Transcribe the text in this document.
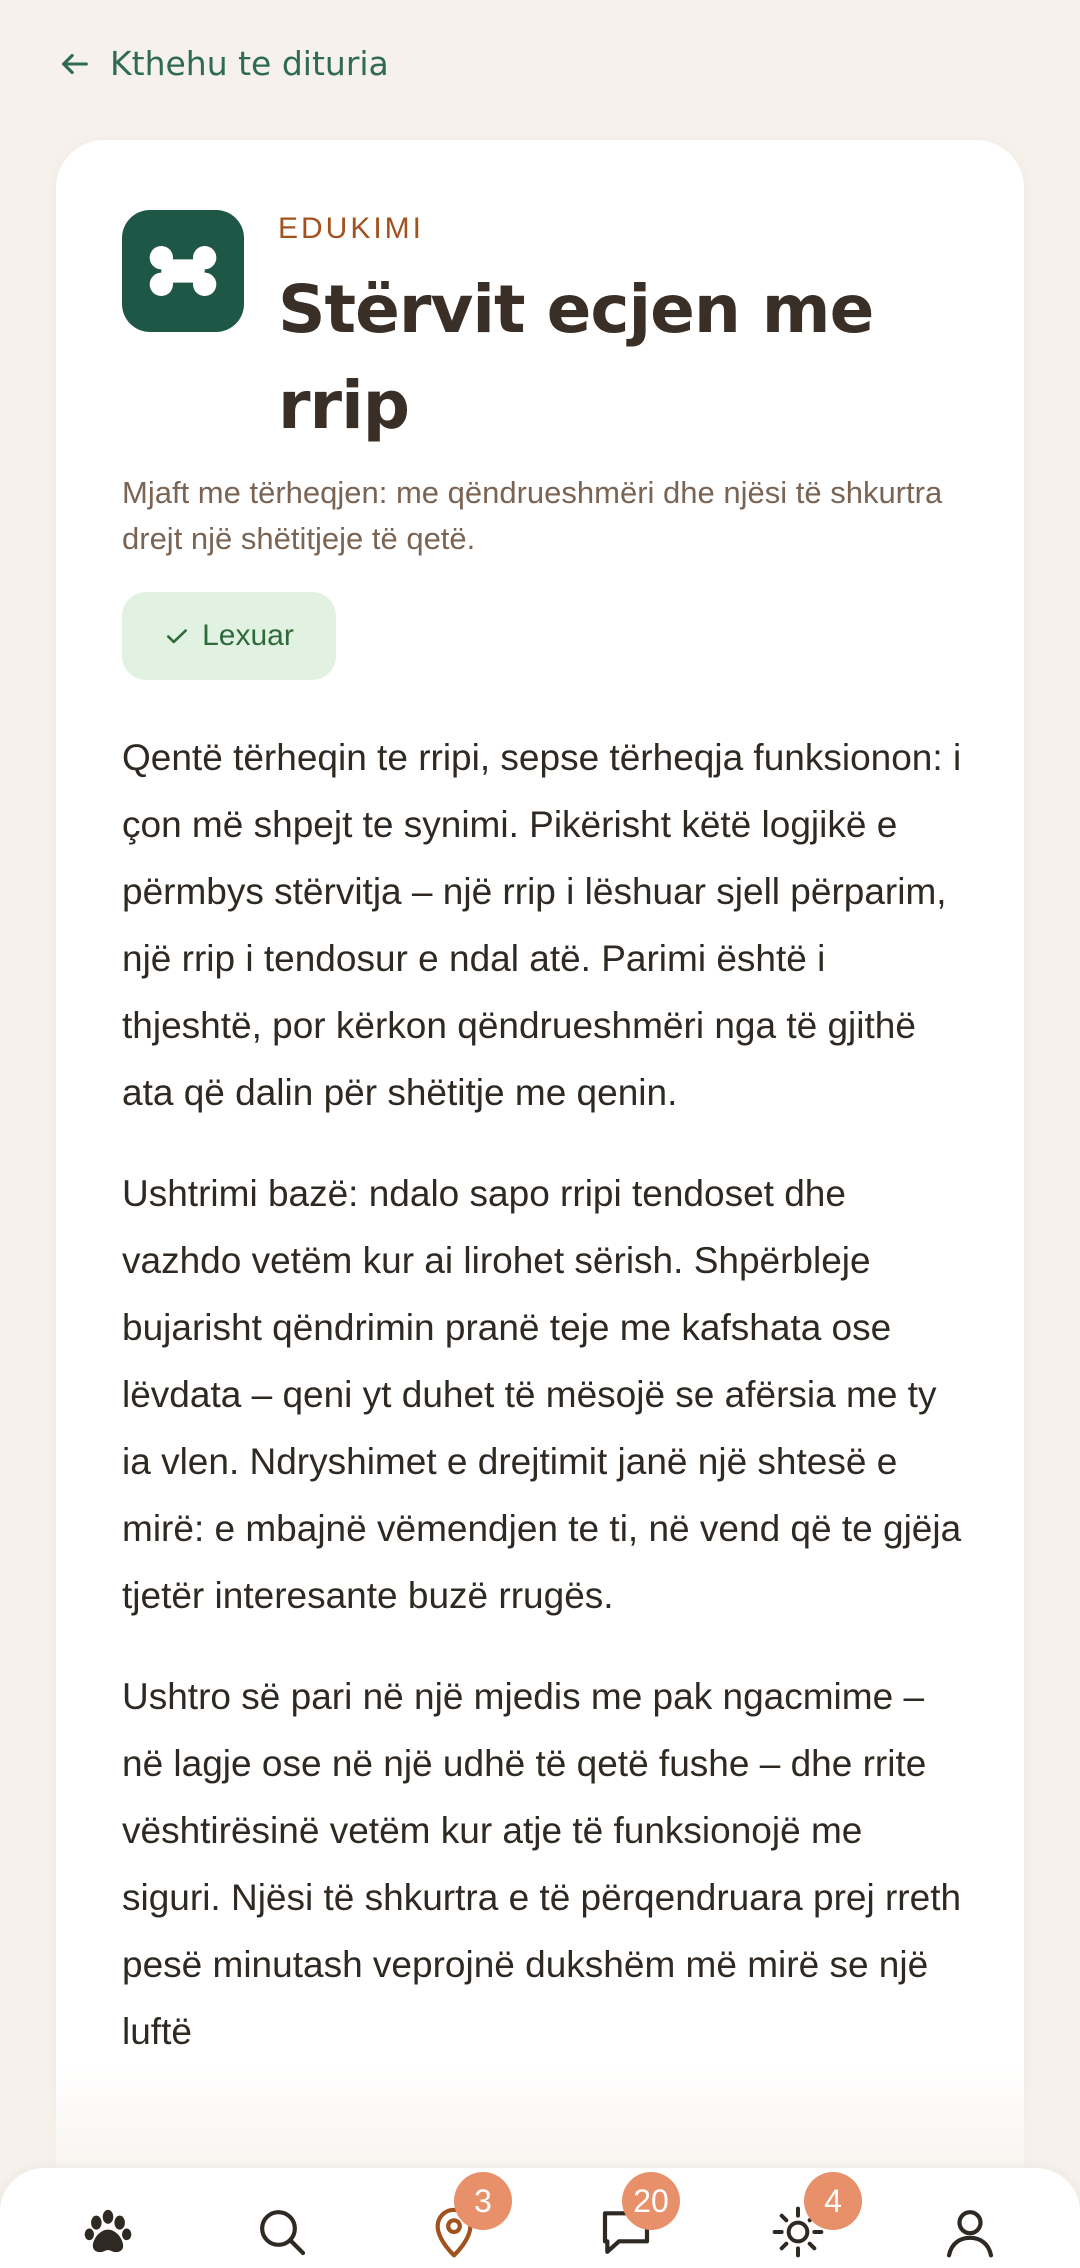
Kthehu te dituria
EDUKIMI
Stërvit ecjen me rrip

Mjaft me tërheqjen: me qëndrueshmëri dhe njësi të shkurtra drejt një shëtitjeje të qetë.

Lexuar

Qentë tërheqin te rripi, sepse tërheqja funksionon: i çon më shpejt te synimi. Pikërisht këtë logjikë e përmbys stërvitja – një rrip i lëshuar sjell përparim, një rrip i tendosur e ndal atë. Parimi është i thjeshtë, por kërkon qëndrueshmëri nga të gjithë ata që dalin për shëtitje me qenin.

Ushtrimi bazë: ndalo sapo rripi tendoset dhe vazhdo vetëm kur ai lirohet sërish. Shpërbleje bujarisht qëndrimin pranë teje me kafshata ose lëvdata – qeni yt duhet të mësojë se afërsia me ty ia vlen. Ndryshimet e drejtimit janë një shtesë e mirë: e mbajnë vëmendjen te ti, në vend që te gjëja tjetër interesante buzë rrugës.

Ushtro së pari në një mjedis me pak ngacmime – në lagje ose në një udhë të qetë fushe – dhe rrite vështirësinë vetëm kur atje të funksionojë me siguri. Njësi të shkurtra e të përqendruara prej rreth pesë minutash veprojnë dukshëm më mirë se një luftë

3	20	4
